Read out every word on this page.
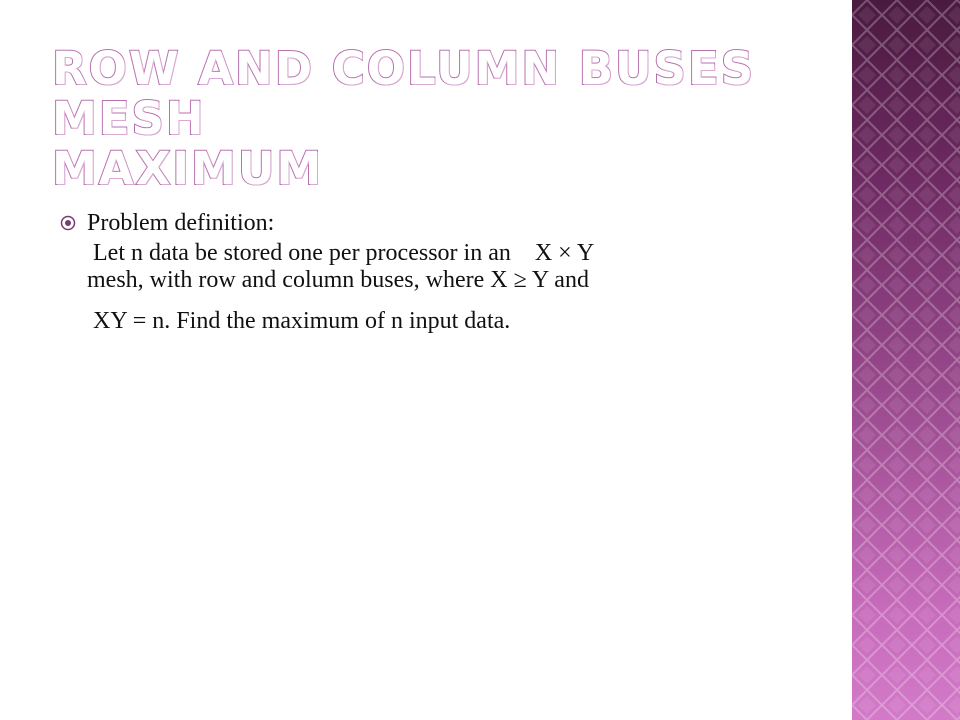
ROW AND COLUMN BUSES MESH
MAXIMUM
Problem definition:
Let n data be stored one per processor in an    X × Y
mesh, with row and column buses, where X ≥ Y and
XY = n. Find the maximum of n input data.
